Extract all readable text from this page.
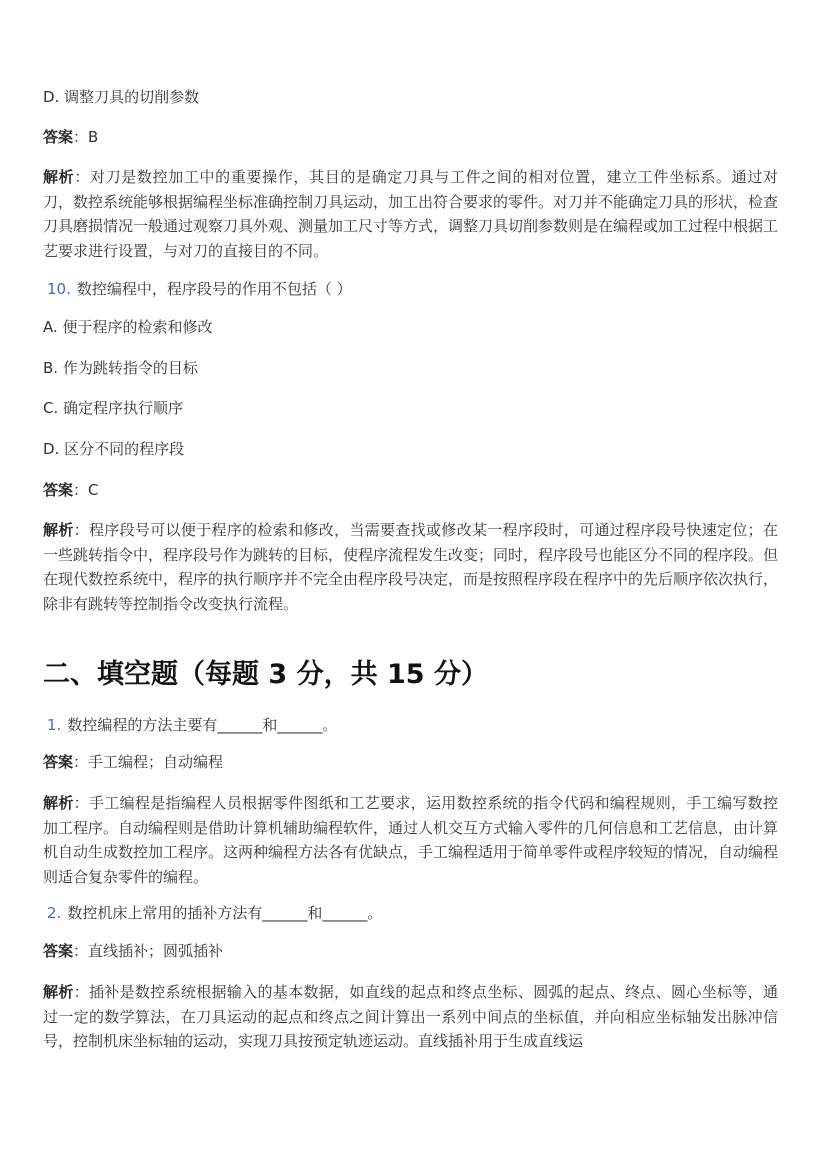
D. 调整刀具的切削参数
答案：B
解析：对刀是数控加工中的重要操作，其目的是确定刀具与工件之间的相对位置，建立工件坐标系。通过对刀，数控系统能够根据编程坐标准确控制刀具运动，加工出符合要求的零件。对刀并不能确定刀具的形状，检查刀具磨损情况一般通过观察刀具外观、测量加工尺寸等方式，调整刀具切削参数则是在编程或加工过程中根据工艺要求进行设置，与对刀的直接目的不同。
10. 数控编程中，程序段号的作用不包括（ ）
A. 便于程序的检索和修改
B. 作为跳转指令的目标
C. 确定程序执行顺序
D. 区分不同的程序段
答案：C
解析：程序段号可以便于程序的检索和修改，当需要查找或修改某一程序段时，可通过程序段号快速定位；在一些跳转指令中，程序段号作为跳转的目标，使程序流程发生改变；同时，程序段号也能区分不同的程序段。但在现代数控系统中，程序的执行顺序并不完全由程序段号决定，而是按照程序段在程序中的先后顺序依次执行，除非有跳转等控制指令改变执行流程。
二、填空题（每题 3 分，共 15 分）
1. 数控编程的方法主要有______和______。
答案：手工编程；自动编程
解析：手工编程是指编程人员根据零件图纸和工艺要求，运用数控系统的指令代码和编程规则，手工编写数控加工程序。自动编程则是借助计算机辅助编程软件，通过人机交互方式输入零件的几何信息和工艺信息，由计算机自动生成数控加工程序。这两种编程方法各有优缺点，手工编程适用于简单零件或程序较短的情况，自动编程则适合复杂零件的编程。
2. 数控机床上常用的插补方法有______和______。
答案：直线插补；圆弧插补
解析：插补是数控系统根据输入的基本数据，如直线的起点和终点坐标、圆弧的起点、终点、圆心坐标等，通过一定的数学算法，在刀具运动的起点和终点之间计算出一系列中间点的坐标值，并向相应坐标轴发出脉冲信号，控制机床坐标轴的运动，实现刀具按预定轨迹运动。直线插补用于生成直线运
